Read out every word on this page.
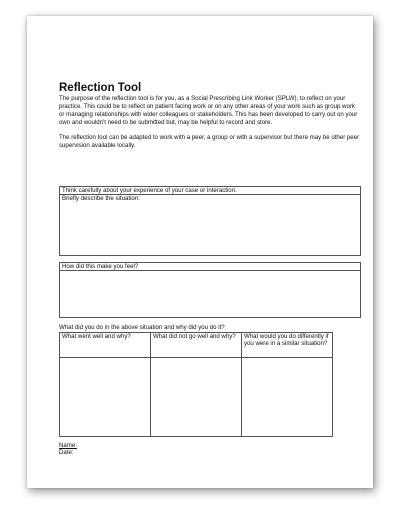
Reflection Tool

The purpose of the reflection tool is for you, as a Social Prescribing Link Worker (SPLW), to reflect on your practice. This could be to reflect on patient facing work or on any other areas of your work such as group work or managing relationships with wider colleagues or stakeholders. This has been developed to carry out on your own and wouldn't need to be submitted but, may be helpful to record and store.

The reflection tool can be adapted to work with a peer, a group or with a supervisor but there may be other peer supervision available locally.

Think carefully about your experience of your case or interaction.
Briefly describe the situation:
How did this make you feel?
What did you do in the above situation and why did you do it?
What went well and why?	What did not go well and why?	What would you do differently if you were in a similar situation?
Name:
Date:
